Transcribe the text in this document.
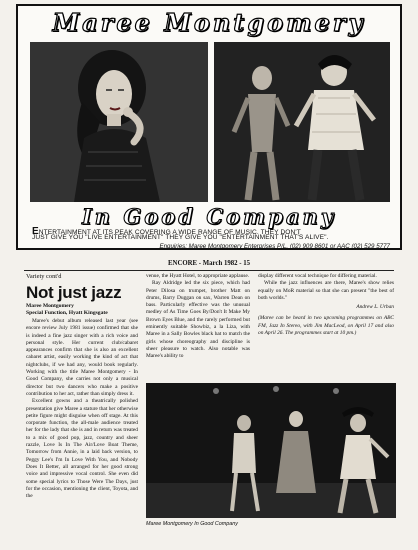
Maree Montgomery
In Good Company
ENTERTAINMENT AT ITS PEAK COVERING A WIDE RANGE OF MUSIC. THEY DON'T
JUST GIVE YOU "LIVE ENTERTAINMENT" THEY GIVE YOU "ENTERTAINMENT THAT'S ALIVE".
Enquiries: Maree Montgomery Enterprises P/L. (02) 909 8601 or AAC (02) 529 5777
ENCORE - March 1982 - 15
Variety cont'd
Not just jazz
Maree Montgomery
Special Function, Hyatt Kingsgate

Maree's debut album released last year (see encore review July 1981 issue) confirmed that she is indeed a fine jazz singer with a rich voice and personal style. Her current club/cabaret appearances confirm that she is also an excellent cabaret artist, easily working the kind of act that nightclubs, if we had any, would book regularly. Working with the title Maree Montgomery - In Good Company, she carries not only a musical director but two dancers who make a positive contribution to her act, rather than simply dress it.

Excellent gowns and a theatrically polished presentation give Maree a stature that her otherwise petite figure might disguise when off stage. At this corporate function, the all-male audience treated her for the lady that she is and in return was treated to a mix of good pop, jazz, country and sheer razzle, Love Is In The Air/Love Boat Theme, Tomorrow from Annie, in a laid back version, to Peggy Lee's I'm In Love With You, and Nobody Does It Better, all arranged for her good strong voice and impressive vocal control. She even did some special lyrics to Those Were The Days, just for the occasion, mentioning the client, Toyota, and the

venue, the Hyatt Hotel, to appropriate applause.

Ray Aldridge led the six piece, which had Peter Dilosa on trumpet, brother Matt on drums, Barry Duggan on sax, Warren Dean on bass. Particularly effective was the unusual medley of As Time Goes By/Don't It Make My Brown Eyes Blue, and the rarely performed but eminently suitable Showbiz, a la Liza, with Maree in a Sally Bowles black hat to match the girls whose choreography and discipline is sheer pleasure to watch. Also notable was Maree's ability to

display different vocal technique for differing material.

While the jazz influences are there, Maree's show relies equally on MoR material so that she can present "the best of both worlds."

Andrew L. Urban

(Maree can be heard in two upcoming programmes on ABC FM, Jazz In Stereo, with Jim MacLeod, on April 17 and also on April 26. The programmes start at 10 pm.)

Maree Montgomery In Good Company
